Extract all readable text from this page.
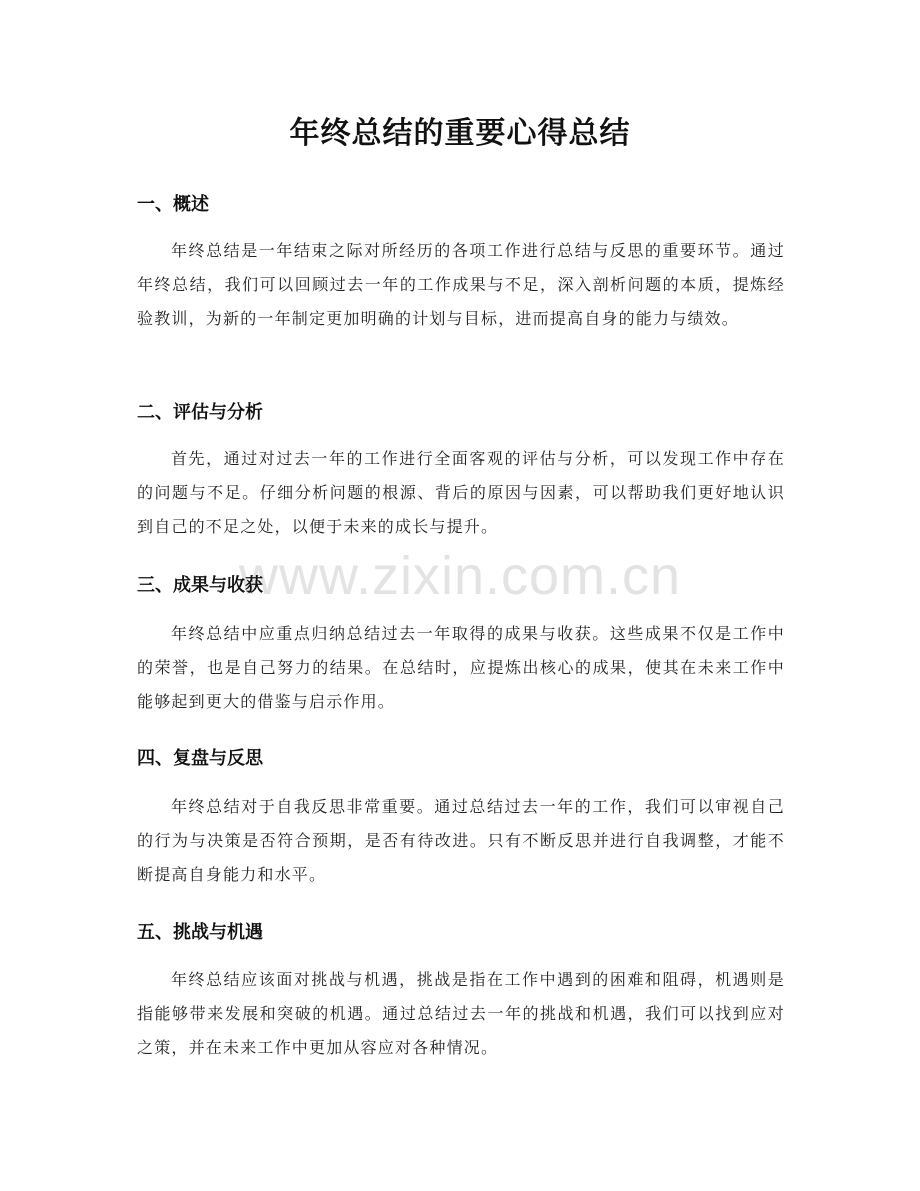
www.zixin.com.cn
年终总结的重要心得总结
一、概述

年终总结是一年结束之际对所经历的各项工作进行总结与反思的重要环节。通过年终总结，我们可以回顾过去一年的工作成果与不足，深入剖析问题的本质，提炼经验教训，为新的一年制定更加明确的计划与目标，进而提高自身的能力与绩效。

二、评估与分析

首先，通过对过去一年的工作进行全面客观的评估与分析，可以发现工作中存在的问题与不足。仔细分析问题的根源、背后的原因与因素，可以帮助我们更好地认识到自己的不足之处，以便于未来的成长与提升。

三、成果与收获

年终总结中应重点归纳总结过去一年取得的成果与收获。这些成果不仅是工作中的荣誉，也是自己努力的结果。在总结时，应提炼出核心的成果，使其在未来工作中能够起到更大的借鉴与启示作用。

四、复盘与反思

年终总结对于自我反思非常重要。通过总结过去一年的工作，我们可以审视自己的行为与决策是否符合预期，是否有待改进。只有不断反思并进行自我调整，才能不断提高自身能力和水平。

五、挑战与机遇

年终总结应该面对挑战与机遇，挑战是指在工作中遇到的困难和阻碍，机遇则是指能够带来发展和突破的机遇。通过总结过去一年的挑战和机遇，我们可以找到应对之策，并在未来工作中更加从容应对各种情况。
